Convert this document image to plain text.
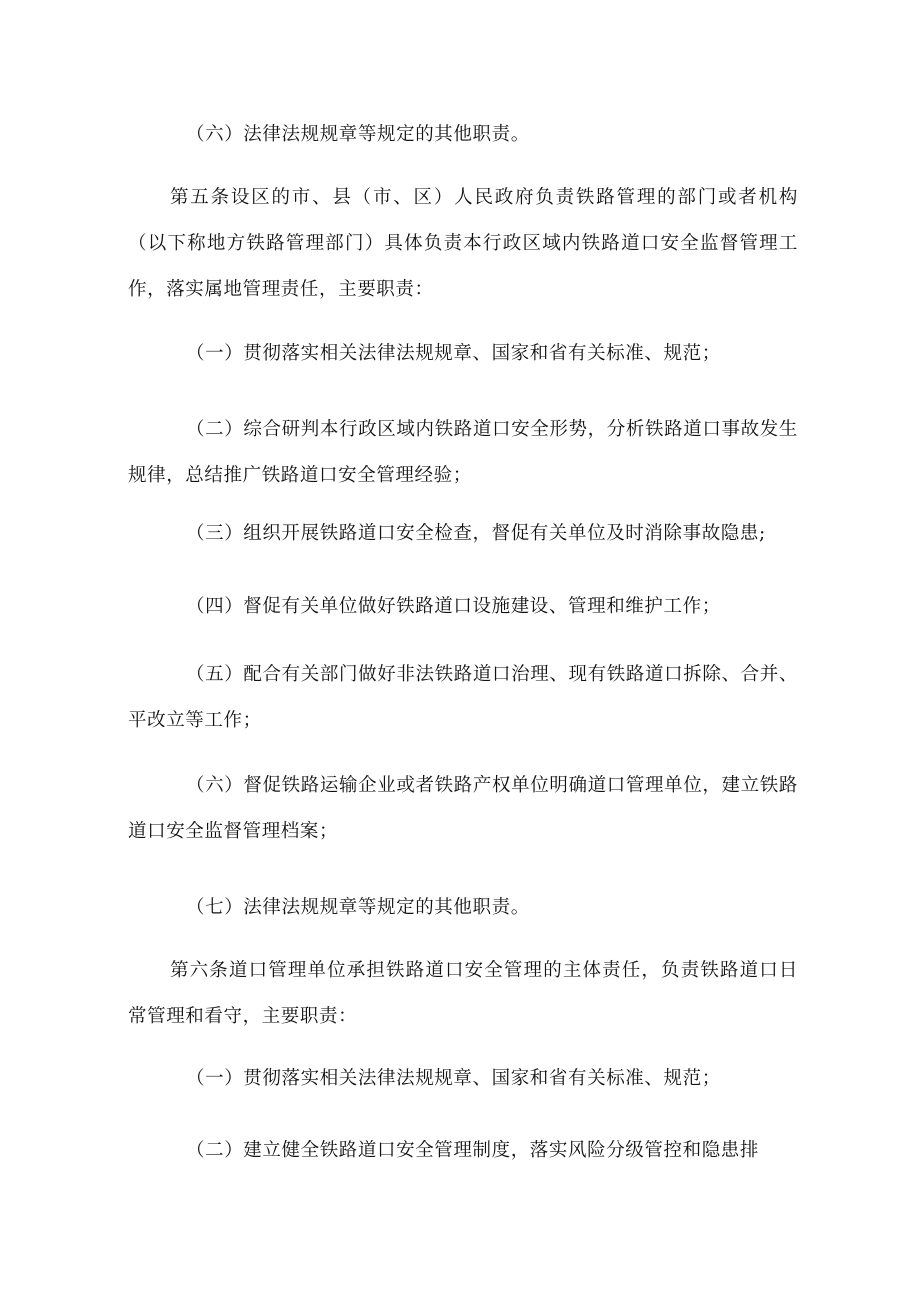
（六）法律法规规章等规定的其他职责。

第五条设区的市、县（市、区）人民政府负责铁路管理的部门或者机构（以下称地方铁路管理部门）具体负责本行政区域内铁路道口安全监督管理工作，落实属地管理责任，主要职责：

（一）贯彻落实相关法律法规规章、国家和省有关标准、规范；

（二）综合研判本行政区域内铁路道口安全形势，分析铁路道口事故发生规律，总结推广铁路道口安全管理经验；

（三）组织开展铁路道口安全检查，督促有关单位及时消除事故隐患;

（四）督促有关单位做好铁路道口设施建设、管理和维护工作；

（五）配合有关部门做好非法铁路道口治理、现有铁路道口拆除、合并、平改立等工作；

（六）督促铁路运输企业或者铁路产权单位明确道口管理单位，建立铁路道口安全监督管理档案；

（七）法律法规规章等规定的其他职责。

第六条道口管理单位承担铁路道口安全管理的主体责任，负责铁路道口日常管理和看守，主要职责：

（一）贯彻落实相关法律法规规章、国家和省有关标准、规范；

（二）建立健全铁路道口安全管理制度，落实风险分级管控和隐患排
